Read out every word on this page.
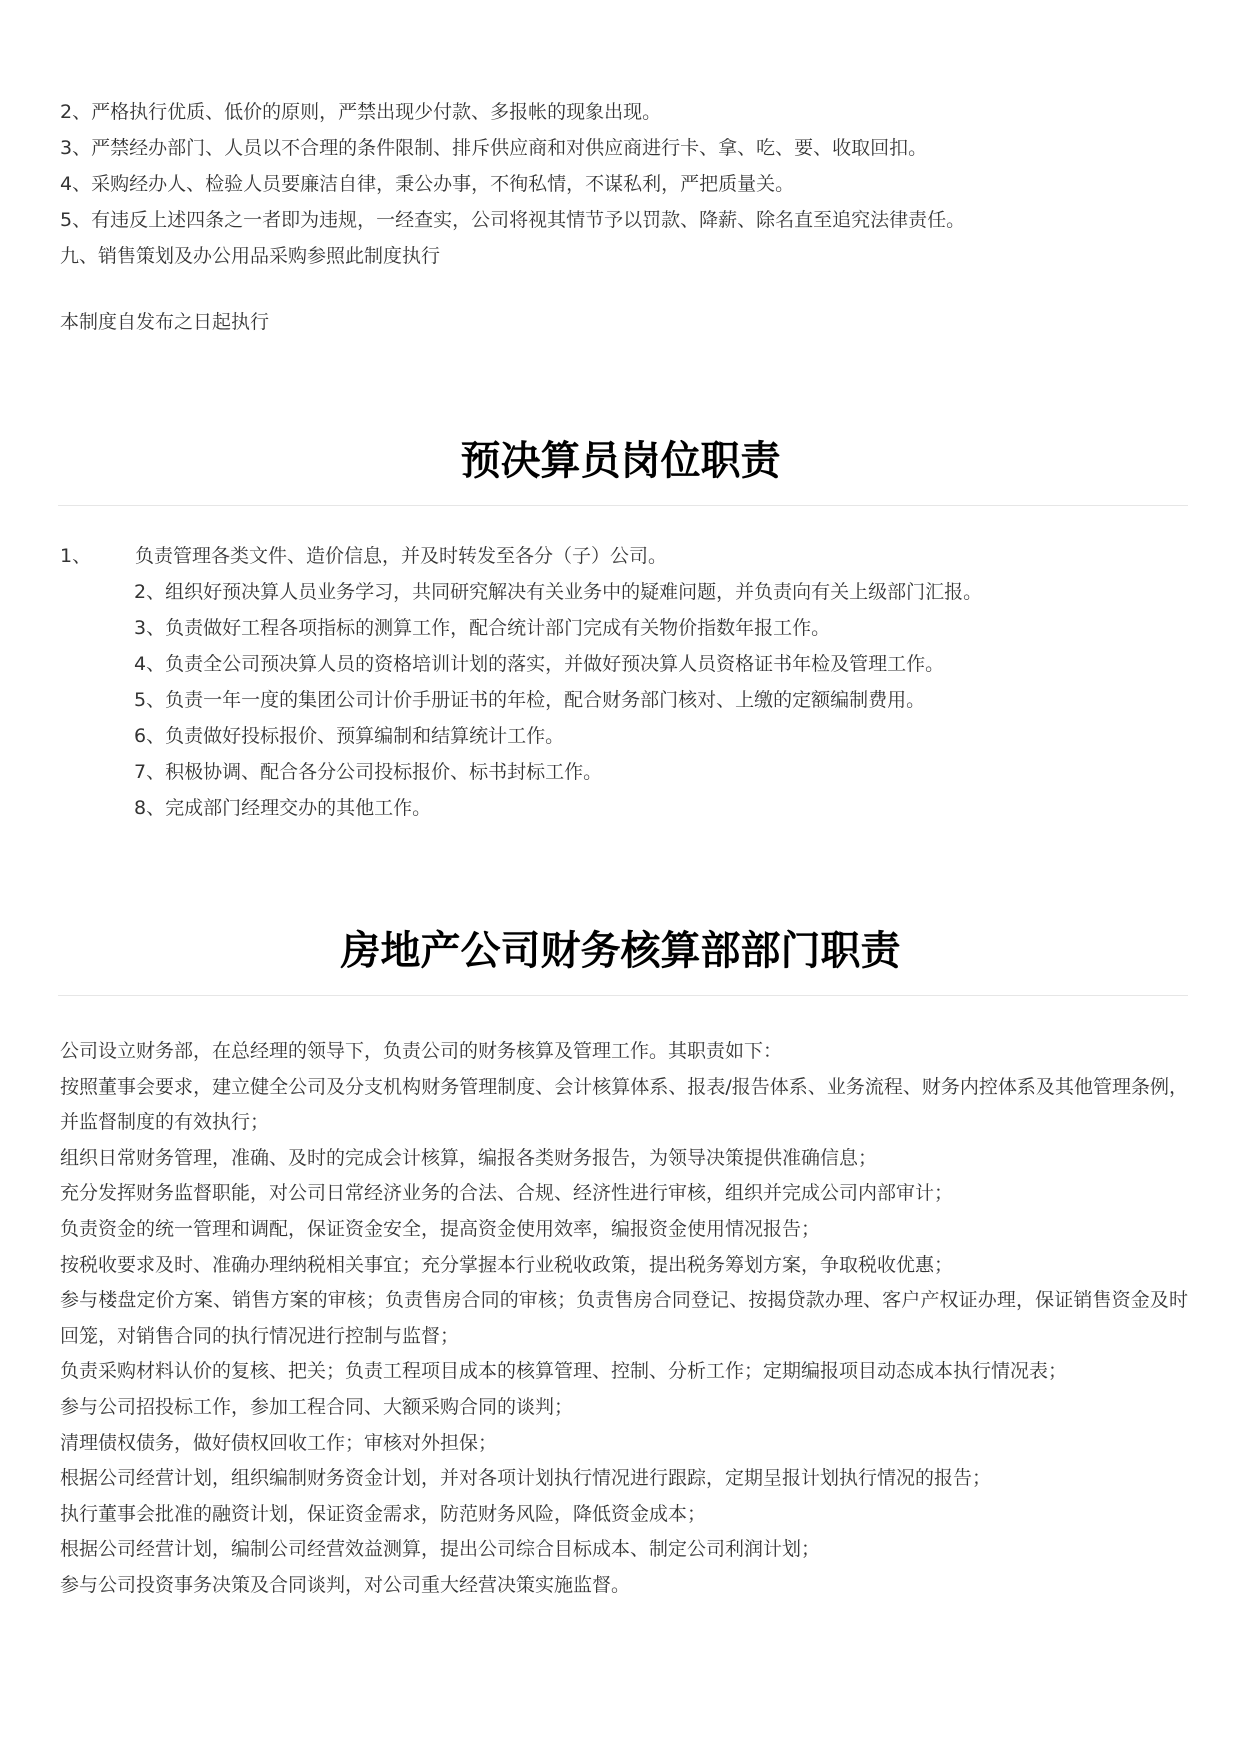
2、严格执行优质、低价的原则，严禁出现少付款、多报帐的现象出现。
3、严禁经办部门、人员以不合理的条件限制、排斥供应商和对供应商进行卡、拿、吃、要、收取回扣。
4、采购经办人、检验人员要廉洁自律，秉公办事，不徇私情，不谋私利，严把质量关。
5、有违反上述四条之一者即为违规，一经查实，公司将视其情节予以罚款、降薪、除名直至追究法律责任。
九、销售策划及办公用品采购参照此制度执行
本制度自发布之日起执行
预决算员岗位职责
1、 负责管理各类文件、造价信息，并及时转发至各分（子）公司。
2、组织好预决算人员业务学习，共同研究解决有关业务中的疑难问题，并负责向有关上级部门汇报。
3、负责做好工程各项指标的测算工作，配合统计部门完成有关物价指数年报工作。
4、负责全公司预决算人员的资格培训计划的落实，并做好预决算人员资格证书年检及管理工作。
5、负责一年一度的集团公司计价手册证书的年检，配合财务部门核对、上缴的定额编制费用。
6、负责做好投标报价、预算编制和结算统计工作。
7、积极协调、配合各分公司投标报价、标书封标工作。
8、完成部门经理交办的其他工作。
房地产公司财务核算部部门职责
公司设立财务部，在总经理的领导下，负责公司的财务核算及管理工作。其职责如下：
按照董事会要求，建立健全公司及分支机构财务管理制度、会计核算体系、报表/报告体系、业务流程、财务内控体系及其他管理条例，并监督制度的有效执行；
组织日常财务管理，准确、及时的完成会计核算，编报各类财务报告，为领导决策提供准确信息；
充分发挥财务监督职能，对公司日常经济业务的合法、合规、经济性进行审核，组织并完成公司内部审计；
负责资金的统一管理和调配，保证资金安全，提高资金使用效率，编报资金使用情况报告；
按税收要求及时、准确办理纳税相关事宜；充分掌握本行业税收政策，提出税务筹划方案，争取税收优惠；
参与楼盘定价方案、销售方案的审核；负责售房合同的审核；负责售房合同登记、按揭贷款办理、客户产权证办理，保证销售资金及时回笼，对销售合同的执行情况进行控制与监督；
负责采购材料认价的复核、把关；负责工程项目成本的核算管理、控制、分析工作；定期编报项目动态成本执行情况表；
参与公司招投标工作，参加工程合同、大额采购合同的谈判；
清理债权债务，做好债权回收工作；审核对外担保；
根据公司经营计划，组织编制财务资金计划，并对各项计划执行情况进行跟踪，定期呈报计划执行情况的报告；
执行董事会批准的融资计划，保证资金需求，防范财务风险，降低资金成本；
根据公司经营计划，编制公司经营效益测算，提出公司综合目标成本、制定公司利润计划；
参与公司投资事务决策及合同谈判，对公司重大经营决策实施监督。
